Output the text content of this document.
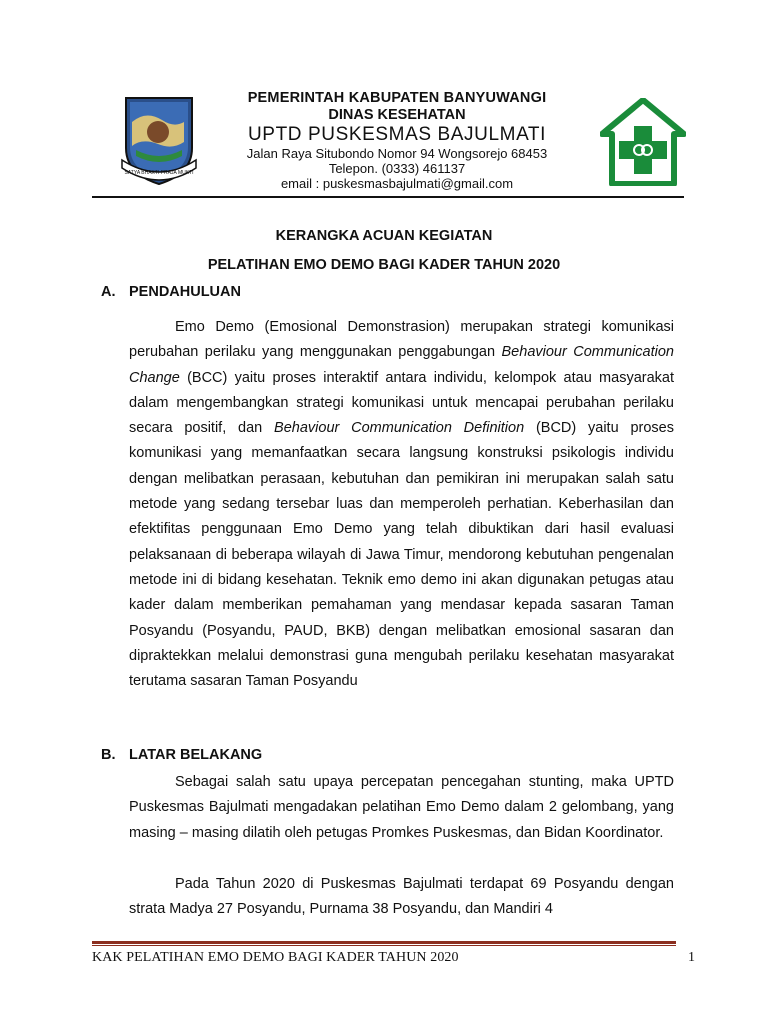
SATYA BHAKTI PRAJA MUKTI
PEMERINTAH KABUPATEN BANYUWANGI
DINAS KESEHATAN
UPTD PUSKESMAS BAJULMATI
Jalan Raya Situbondo Nomor 94 Wongsorejo 68453
Telepon. (0333) 461137
email : puskesmasbajulmati@gmail.com
KERANGKA ACUAN KEGIATAN
PELATIHAN EMO DEMO BAGI KADER TAHUN 2020
A. PENDAHULUAN
Emo Demo (Emosional Demonstrasion) merupakan strategi komunikasi perubahan perilaku yang menggunakan penggabungan Behaviour Communication Change (BCC) yaitu proses interaktif antara individu, kelompok atau masyarakat dalam mengembangkan strategi komunikasi untuk mencapai perubahan perilaku secara positif, dan Behaviour Communication Definition (BCD) yaitu proses komunikasi yang memanfaatkan secara langsung konstruksi psikologis individu dengan melibatkan perasaan, kebutuhan dan pemikiran ini merupakan salah satu metode yang sedang tersebar luas dan memperoleh perhatian. Keberhasilan dan efektifitas penggunaan Emo Demo yang telah dibuktikan dari hasil evaluasi pelaksanaan di beberapa wilayah di Jawa Timur, mendorong kebutuhan pengenalan metode ini di bidang kesehatan. Teknik emo demo ini akan digunakan petugas atau kader dalam memberikan pemahaman yang mendasar kepada sasaran Taman Posyandu (Posyandu, PAUD, BKB) dengan melibatkan emosional sasaran dan dipraktekkan melalui demonstrasi guna mengubah perilaku kesehatan masyarakat terutama sasaran Taman Posyandu
B. LATAR BELAKANG
Sebagai salah satu upaya percepatan pencegahan stunting, maka UPTD Puskesmas Bajulmati mengadakan pelatihan Emo Demo dalam 2 gelombang, yang masing – masing dilatih oleh petugas Promkes Puskesmas, dan Bidan Koordinator.
Pada Tahun 2020 di Puskesmas Bajulmati terdapat 69 Posyandu dengan strata Madya 27 Posyandu, Purnama 38 Posyandu, dan Mandiri 4
KAK PELATIHAN EMO DEMO BAGI KADER TAHUN 2020	1
